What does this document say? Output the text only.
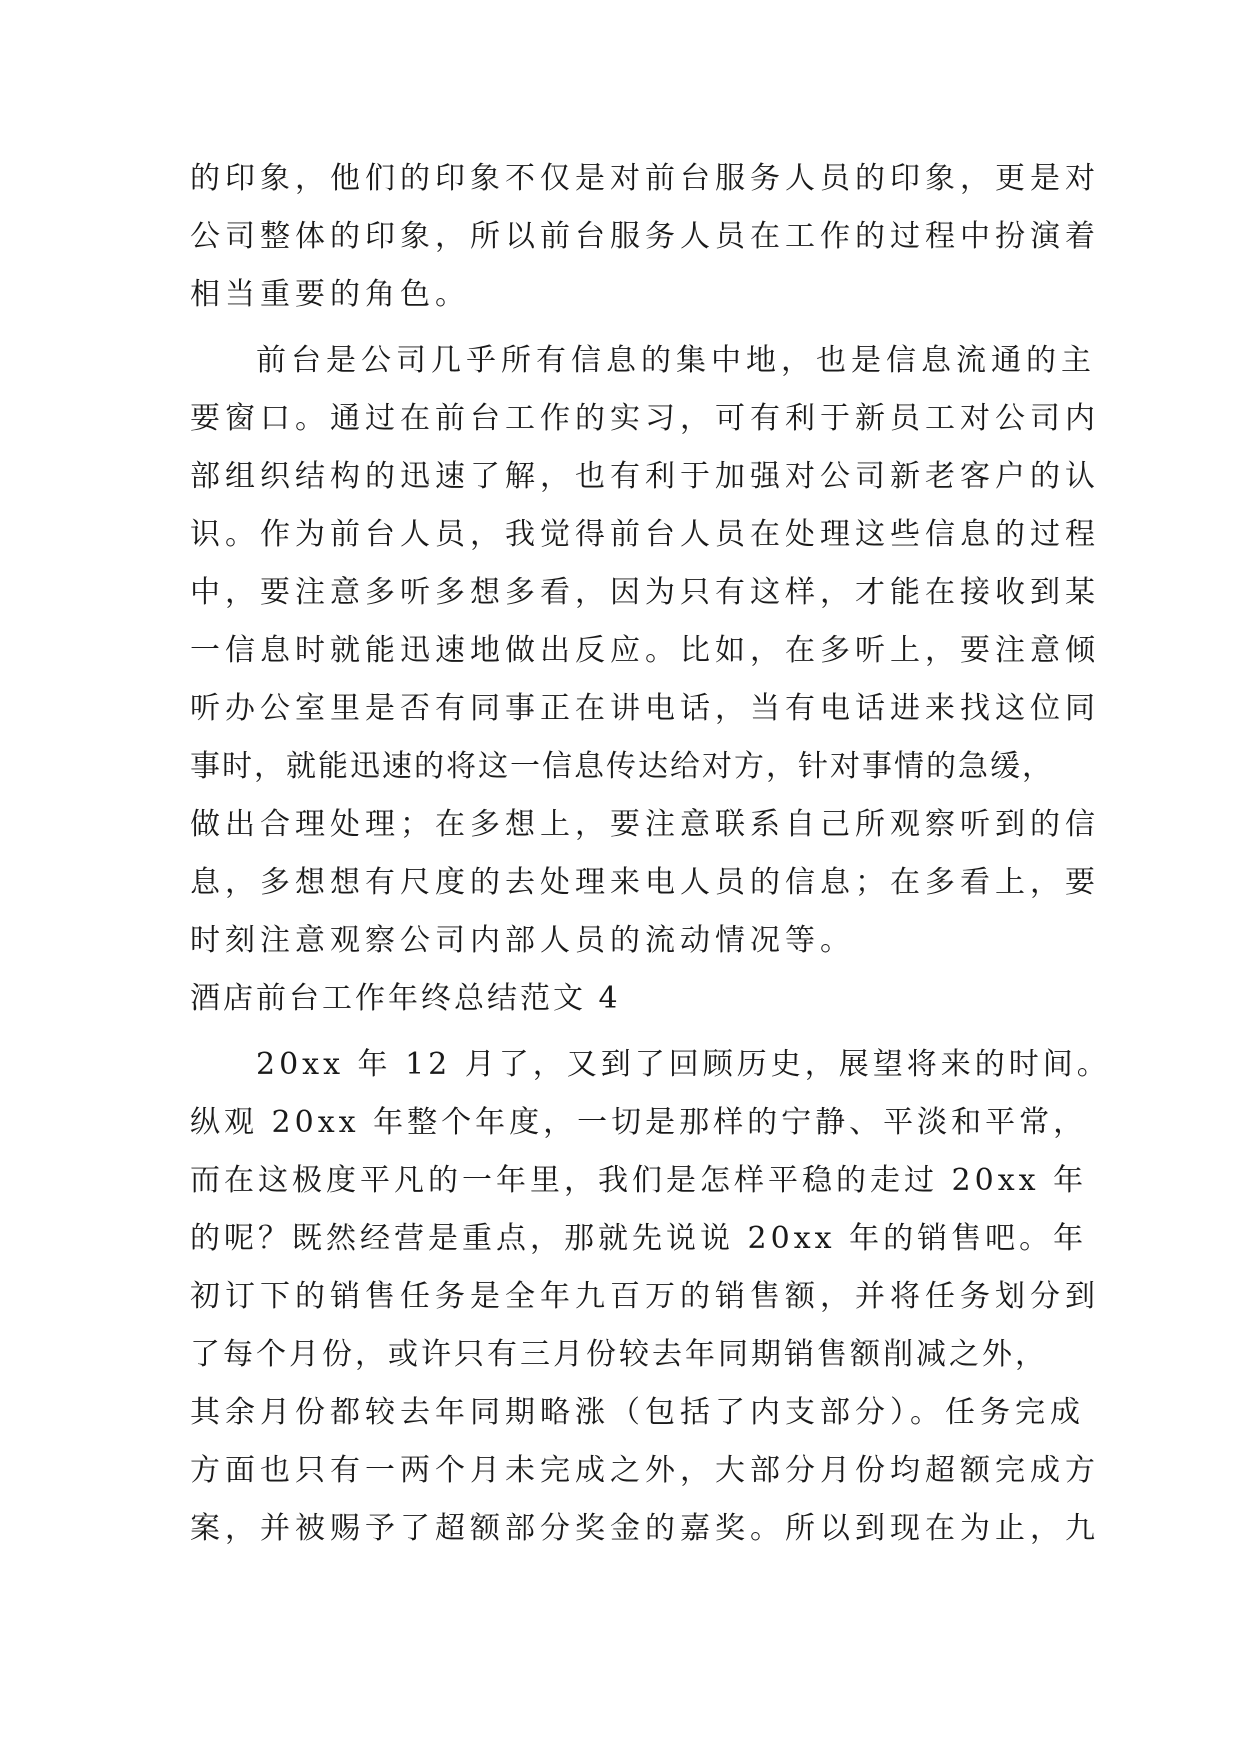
的印象，他们的印象不仅是对前台服务人员的印象，更是对
公司整体的印象，所以前台服务人员在工作的过程中扮演着
相当重要的角色。
前台是公司几乎所有信息的集中地，也是信息流通的主
要窗口。通过在前台工作的实习，可有利于新员工对公司内
部组织结构的迅速了解，也有利于加强对公司新老客户的认
识。作为前台人员，我觉得前台人员在处理这些信息的过程
中，要注意多听多想多看，因为只有这样，才能在接收到某
一信息时就能迅速地做出反应。比如，在多听上，要注意倾
听办公室里是否有同事正在讲电话，当有电话进来找这位同
事时，就能迅速的将这一信息传达给对方，针对事情的急缓，
做出合理处理；在多想上，要注意联系自己所观察听到的信
息，多想想有尺度的去处理来电人员的信息；在多看上，要
时刻注意观察公司内部人员的流动情况等。
酒店前台工作年终总结范文 4
20xx 年 12 月了，又到了回顾历史，展望将来的时间。
纵观 20xx 年整个年度，一切是那样的宁静、平淡和平常，
而在这极度平凡的一年里，我们是怎样平稳的走过 20xx 年
的呢？既然经营是重点，那就先说说 20xx 年的销售吧。年
初订下的销售任务是全年九百万的销售额，并将任务划分到
了每个月份，或许只有三月份较去年同期销售额削减之外，
其余月份都较去年同期略涨（包括了内支部分）。任务完成
方面也只有一两个月未完成之外，大部分月份均超额完成方
案，并被赐予了超额部分奖金的嘉奖。所以到现在为止，九
